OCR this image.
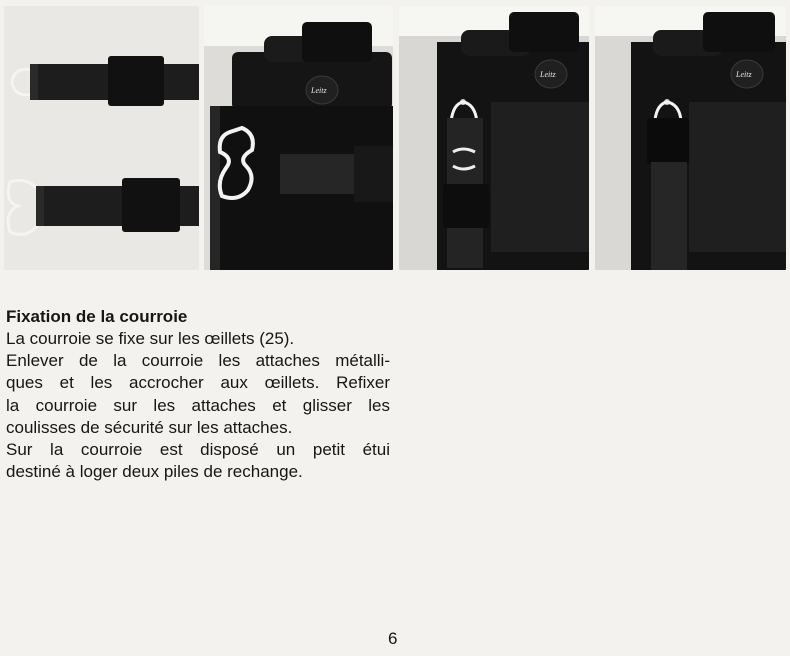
Leitz
Leitz	Leitz
Fixation de la courroie
La courroie se fixe sur les œillets (25).
Enlever de la courroie les attaches métalli-
ques et les accrocher aux œillets. Refixer
la courroie sur les attaches et glisser les
coulisses de sécurité sur les attaches.
Sur la courroie est disposé un petit étui
destiné à loger deux piles de rechange.
6
